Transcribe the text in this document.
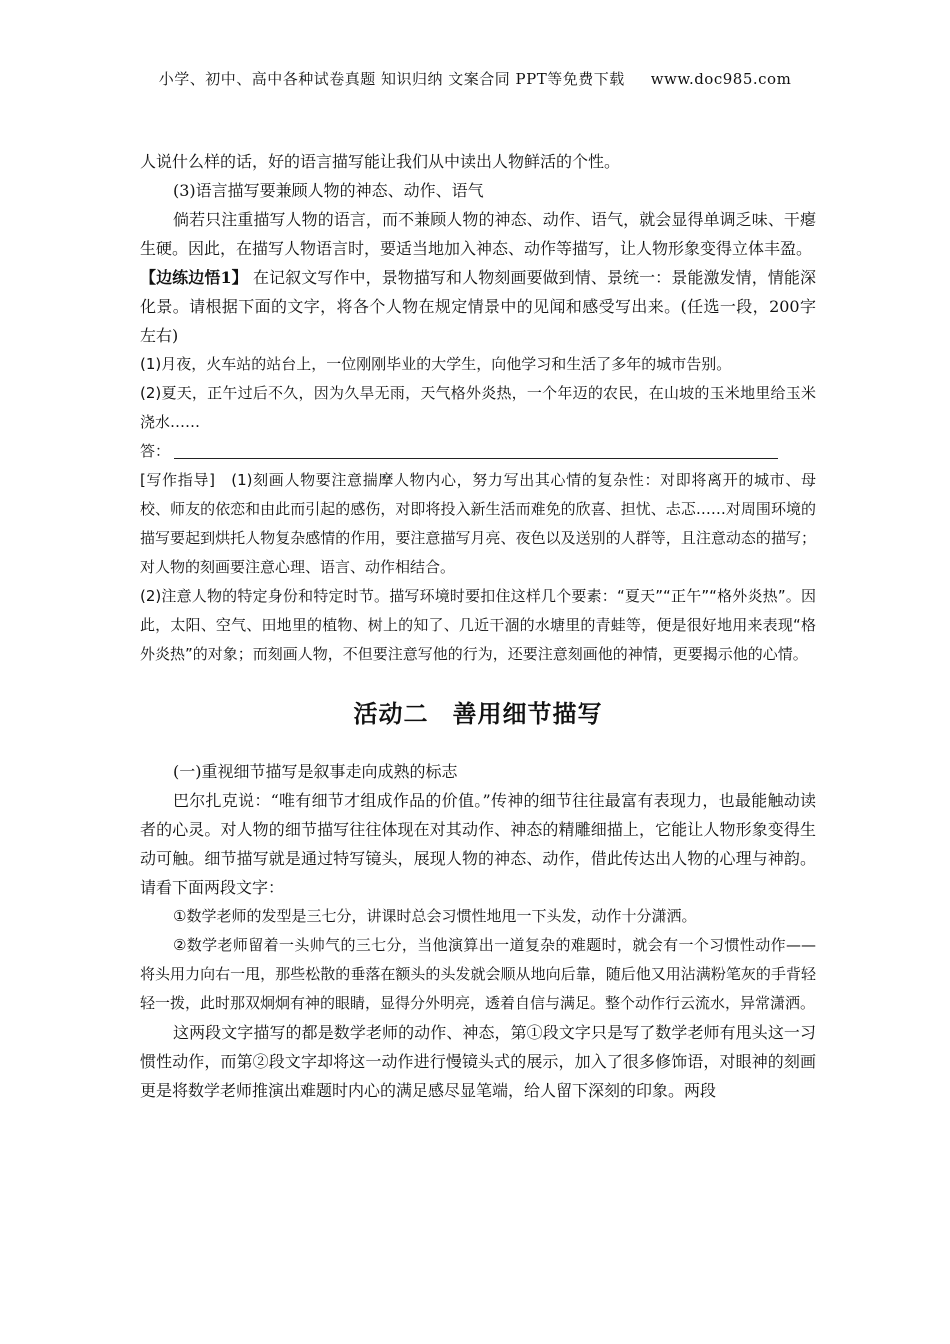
小学、初中、高中各种试卷真题 知识归纳 文案合同 PPT等免费下载 www.doc985.com

人说什么样的话，好的语言描写能让我们从中读出人物鲜活的个性。

(3)语言描写要兼顾人物的神态、动作、语气

倘若只注重描写人物的语言，而不兼顾人物的神态、动作、语气，就会显得单调乏味、干瘪生硬。因此，在描写人物语言时，要适当地加入神态、动作等描写，让人物形象变得立体丰盈。

【边练边悟1】 在记叙文写作中，景物描写和人物刻画要做到情、景统一：景能激发情，情能深化景。请根据下面的文字，将各个人物在规定情景中的见闻和感受写出来。(任选一段，200字左右)

(1)月夜，火车站的站台上，一位刚刚毕业的大学生，向他学习和生活了多年的城市告别。

(2)夏天，正午过后不久，因为久旱无雨，天气格外炎热，一个年迈的农民，在山坡的玉米地里给玉米浇水……

答：

[写作指导] (1)刻画人物要注意揣摩人物内心，努力写出其心情的复杂性：对即将离开的城市、母校、师友的依恋和由此而引起的感伤，对即将投入新生活而难免的欣喜、担忧、忐忑……对周围环境的描写要起到烘托人物复杂感情的作用，要注意描写月亮、夜色以及送别的人群等，且注意动态的描写；对人物的刻画要注意心理、语言、动作相结合。

(2)注意人物的特定身份和特定时节。描写环境时要扣住这样几个要素：“夏天”“正午”“格外炎热”。因此，太阳、空气、田地里的植物、树上的知了、几近干涸的水塘里的青蛙等，便是很好地用来表现“格外炎热”的对象；而刻画人物，不但要注意写他的行为，还要注意刻画他的神情，更要揭示他的心情。

活动二 善用细节描写

(一)重视细节描写是叙事走向成熟的标志

巴尔扎克说：“唯有细节才组成作品的价值。”传神的细节往往最富有表现力，也最能触动读者的心灵。对人物的细节描写往往体现在对其动作、神态的精雕细描上，它能让人物形象变得生动可触。细节描写就是通过特写镜头，展现人物的神态、动作，借此传达出人物的心理与神韵。请看下面两段文字：

①数学老师的发型是三七分，讲课时总会习惯性地甩一下头发，动作十分潇洒。

②数学老师留着一头帅气的三七分，当他演算出一道复杂的难题时，就会有一个习惯性动作——将头用力向右一甩，那些松散的垂落在额头的头发就会顺从地向后靠，随后他又用沾满粉笔灰的手背轻轻一拨，此时那双炯炯有神的眼睛，显得分外明亮，透着自信与满足。整个动作行云流水，异常潇洒。

这两段文字描写的都是数学老师的动作、神态，第①段文字只是写了数学老师有甩头这一习惯性动作，而第②段文字却将这一动作进行慢镜头式的展示，加入了很多修饰语，对眼神的刻画更是将数学老师推演出难题时内心的满足感尽显笔端，给人留下深刻的印象。两段
